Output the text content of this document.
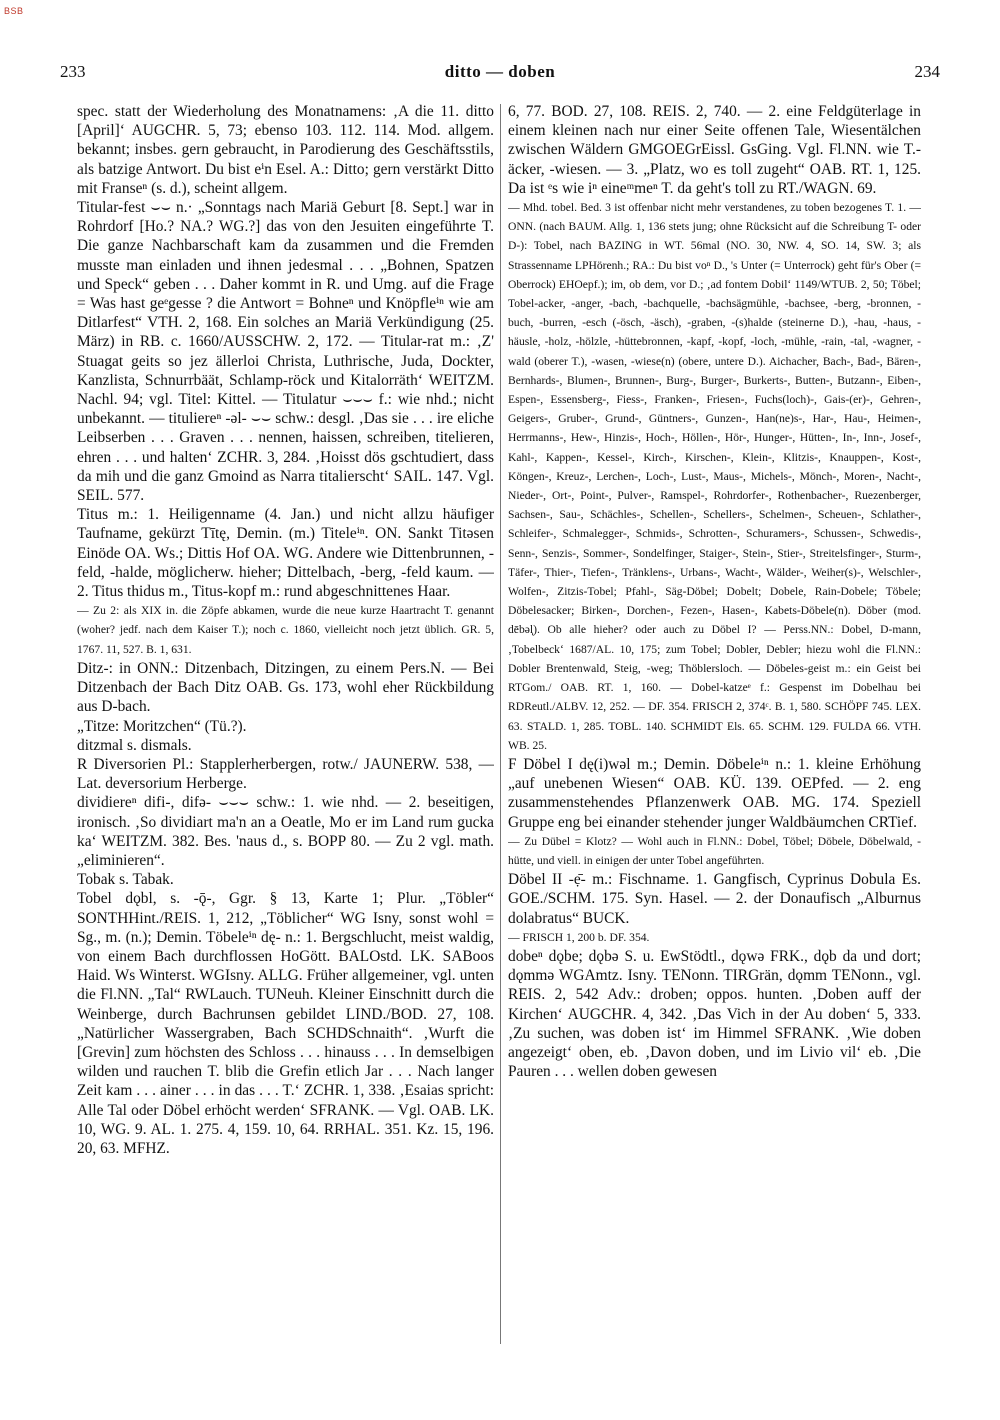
BSB
233	ditto — doben	234

spec. statt der Wiederholung des Monatnamens: ‚A die 11. ditto [April]‘ AUGCHR. 5, 73; ebenso 103. 112. 114. Mod. allgem. bekannt; insbes. gern gebraucht, in Parodierung des Geschäftsstils, als batzige Antwort. Du bist eⁱn Esel. A.: Ditto; gern verstärkt Ditto mit Franseⁿ (s. d.), scheint allgem.

Titular-fest ⌣⌣ n.· „Sonntags nach Mariä Geburt [8. Sept.] war in Rohrdorf [Ho.? NA.? WG.?] das von den Jesuiten eingeführte T. Die ganze Nachbarschaft kam da zusammen und die Fremden musste man einladen und ihnen jedesmal . . . „Bohnen, Spatzen und Speck“ geben . . . Daher kommt in R. und Umg. auf die Frage = Was hast geᵉgesse ? die Antwort = Bohneⁿ und Knöpfleⁱⁿ wie am Ditlarfest“ VTH. 2, 168. Ein solches an Mariä Verkündigung (25. März) in RB. c. 1660/AUSSCHW. 2, 172. — Titular-rat m.: ‚Z' Stuagat geits so jez ällerloi Christa, Luthrische, Juda, Dockter, Kanzlista, Schnurrbäät, Schlamp-röck und Kitalorräth‘ WEITZM. Nachl. 94; vgl. Titel: Kittel. — Titulatur ⌣⌣⌣ f.: wie nhd.; nicht unbekannt. — tituliereⁿ -əl- ⌣⌣ schw.: desgl. ‚Das sie . . . ire eliche Leibserben . . . Graven . . . nennen, haissen, schreiben, titelieren, ehren . . . und halten‘ ZCHR. 3, 284. ‚Hoisst dös gschtudiert, dass da mih und die ganz Gmoind as Narra titalierscht‘ SAIL. 147. Vgl. SEIL. 577.

Titus m.: 1. Heiligenname (4. Jan.) und nicht allzu häufiger Taufname, gekürzt Tītę, Demin. (m.) Titeleⁱⁿ. ON. Sankt Titəsen Einöde OA. Ws.; Dittis Hof OA. WG. Andere wie Dittenbrunnen, -feld, -halde, möglicherw. hieher; Dittelbach, -berg, -feld kaum. — 2. Titus thidus m., Titus-kopf m.: rund abgeschnittenes Haar.

— Zu 2: als XIX in. die Zöpfe abkamen, wurde die neue kurze Haartracht T. genannt (woher? jedf. nach dem Kaiser T.); noch c. 1860, vielleicht noch jetzt üblich. GR. 5, 1767. 11, 527. B. 1, 631.

Ditz-: in ONN.: Ditzenbach, Ditzingen, zu einem Pers.N. — Bei Ditzenbach der Bach Ditz OAB. Gs. 173, wohl eher Rückbildung aus D-bach.

„Titze: Moritzchen“ (Tü.?).

ditzmal s. dismals.

R Diversorien Pl.: Stapplerherbergen, rotw./ JAUNERW. 538, — Lat. deversorium Herberge.

dividiereⁿ difi-, difə- ⌣⌣⌣ schw.: 1. wie nhd. — 2. beseitigen, ironisch. ‚So dividiart ma'n an a Oeatle, Mo er im Land rum gucka ka‘ WEITZM. 382. Bes. 'naus d., s. BOPP 80. — Zu 2 vgl. math. „eliminieren“.

Tobak s. Tabak.

Tobel dǫbl, s. -ǭ-, Ggr. § 13, Karte 1; Plur. „Töbler“ SONTHHint./REIS. 1, 212, „Töblicher“ WG Isny, sonst wohl = Sg., m. (n.); Demin. Töbeleⁱⁿ dę- n.: 1. Bergschlucht, meist waldig, von einem Bach durchflossen HoGött. BALOstd. LK. SABoos Haid. Ws Winterst. WGIsny. ALLG. Früher allgemeiner, vgl. unten die Fl.NN. „Tal“ RWLauch. TUNeuh. Kleiner Einschnitt durch die Weinberge, durch Bachrunsen gebildet LIND./BOD. 27, 108. „Natürlicher Wassergraben, Bach SCHDSchnaith“. ‚Wurft die [Grevin] zum höchsten des Schloss . . . hinauss . . . In demselbigen wilden und rauchen T. blib die Grefin etlich Jar . . . Nach langer Zeit kam . . . ainer . . . in das . . . T.‘ ZCHR. 1, 338. ‚Esaias spricht: Alle Tal oder Döbel erhöcht werden‘ SFRANK. — Vgl. OAB. LK. 10, WG. 9. AL. 1. 275. 4, 159. 10, 64. RRHAL. 351. Kz. 15, 196. 20, 63. MFHZ.

6, 77. BOD. 27, 108. REIS. 2, 740. — 2. eine Feldgüterlage in einem kleinen nach nur einer Seite offenen Tale, Wiesentälchen zwischen Wäldern GMGOEGrEissl. GsGing. Vgl. Fl.NN. wie T.-äcker, -wiesen. — 3. „Platz, wo es toll zugeht“ OAB. RT. 1, 125. Da ist ᵉs wie iⁿ eineᵐmeⁿ T. da geht's toll zu RT./WAGN. 69.

— Mhd. tobel. Bed. 3 ist offenbar nicht mehr verstandenes, zu toben bezogenes T. 1. — ONN. (nach BAUM. Allg. 1, 136 stets jung; ohne Rücksicht auf die Schreibung T- oder D-): Tobel, nach BAZING in WT. 56mal (NO. 30, NW. 4, SO. 14, SW. 3; als Strassenname LPHörenh.; RA.: Du bist voⁿ D., 's Unter (= Unterrock) geht für's Ober (= Oberrock) EHOepf.); im, ob dem, vor D.; ‚ad fontem Dobil‘ 1149/WTUB. 2, 50; Töbel; Tobel-acker, -anger, -bach, -bachquelle, -bachsägmühle, -bachsee, -berg, -bronnen, -buch, -burren, -esch (-ösch, -äsch), -graben, -(s)halde (steinerne D.), -hau, -haus, -häusle, -holz, -hölzle, -hüttebronnen, -kapf, -kopf, -loch, -mühle, -rain, -tal, -wagner, -wald (oberer T.), -wasen, -wiese(n) (obere, untere D.). Aichacher, Bach-, Bad-, Bären-, Bernhards-, Blumen-, Brunnen-, Burg-, Burger-, Burkerts-, Butten-, Butzann-, Eiben-, Espen-, Essensberg-, Fiess-, Franken-, Friesen-, Fuchs(loch)-, Gais-(er)-, Gehren-, Geigers-, Gruber-, Grund-, Güntners-, Gunzen-, Han(ne)s-, Har-, Hau-, Heimen-, Herrmanns-, Hew-, Hinzis-, Hoch-, Höllen-, Hör-, Hunger-, Hütten-, In-, Inn-, Josef-, Kahl-, Kappen-, Kessel-, Kirch-, Kirschen-, Klein-, Klitzis-, Knauppen-, Kost-, Köngen-, Kreuz-, Lerchen-, Loch-, Lust-, Maus-, Michels-, Mönch-, Moren-, Nacht-, Nieder-, Ort-, Point-, Pulver-, Ramspel-, Rohrdorfer-, Rothenbacher-, Ruezenberger, Sachsen-, Sau-, Schächles-, Schellen-, Schellers-, Schelmen-, Scheuen-, Schlather-, Schleifer-, Schmalegger-, Schmids-, Schrotten-, Schuramers-, Schussen-, Schwedis-, Senn-, Senzis-, Sommer-, Sondelfinger, Staiger-, Stein-, Stier-, Streitelsfinger-, Sturm-, Täfer-, Thier-, Tiefen-, Tränklens-, Urbans-, Wacht-, Wälder-, Weiher(s)-, Welschler-, Wolfen-, Zitzis-Tobel; Pfahl-, Säg-Döbel; Dobelt; Dobele, Rain-Dobele; Töbele; Döbelesacker; Birken-, Dorchen-, Fezen-, Hasen-, Kabets-Döbele(n). Döber (mod. dēbəl̨). Ob alle hieher? oder auch zu Döbel I? — Perss.NN.: Dobel, D-mann, ‚Tobelbeck‘ 1687/AL. 10, 175; zum Tobel; Dobler, Debler; hiezu wohl die Fl.NN.: Dobler Brentenwald, Steig, -weg; Thöblersloch. — Döbeles-geist m.: ein Geist bei RTGom./ OAB. RT. 1, 160. — Dobel-katzeᵉ f.: Gespenst im Dobelhau bei RDReutl./ALBV. 12, 252. — DF. 354. FRISCH 2, 374ᶜ. B. 1, 580. SCHÖPF 745. LEX. 63. STALD. 1, 285. TOBL. 140. SCHMIDT Els. 65. SCHM. 129. FULDA 66. VTH. WB. 25.

F Döbel I dę(i)wəl m.; Demin. Döbeleⁱⁿ n.: 1. kleine Erhöhung „auf unebenen Wiesen“ OAB. KÜ. 139. OEPfed. — 2. eng zusammenstehendes Pflanzenwerk OAB. MG. 174. Speziell Gruppe eng bei einander stehender junger Waldbäumchen CRTief.

— Zu Dübel = Klotz? — Wohl auch in Fl.NN.: Dobel, Töbel; Döbele, Döbelwald, -hütte, und viell. in einigen der unter Tobel angeführten.

Döbel II -ẹ̄- m.: Fischname. 1. Gangfisch, Cyprinus Dobula Es. GOE./SCHM. 175. Syn. Hasel. — 2. der Donaufisch „Alburnus dolabratus“ BUCK.

— FRISCH 1, 200 b. DF. 354.

dobeⁿ dǫbe; dǫbə S. u. EwStödtl., dǫwə FRK., dǫb da und dort; dǫmmə WGAmtz. Isny. TENonn. TIRGrän, dǫmm TENonn., vgl. REIS. 2, 542 Adv.: droben; oppos. hunten. ‚Doben auff der Kirchen‘ AUGCHR. 4, 342. ‚Das Vich in der Au doben‘ 5, 333. ‚Zu suchen, was doben ist‘ im Himmel SFRANK. ‚Wie doben angezeigt‘ oben, eb. ‚Davon doben, und im Livio vil‘ eb. ‚Die Pauren . . . wellen doben gewesen
